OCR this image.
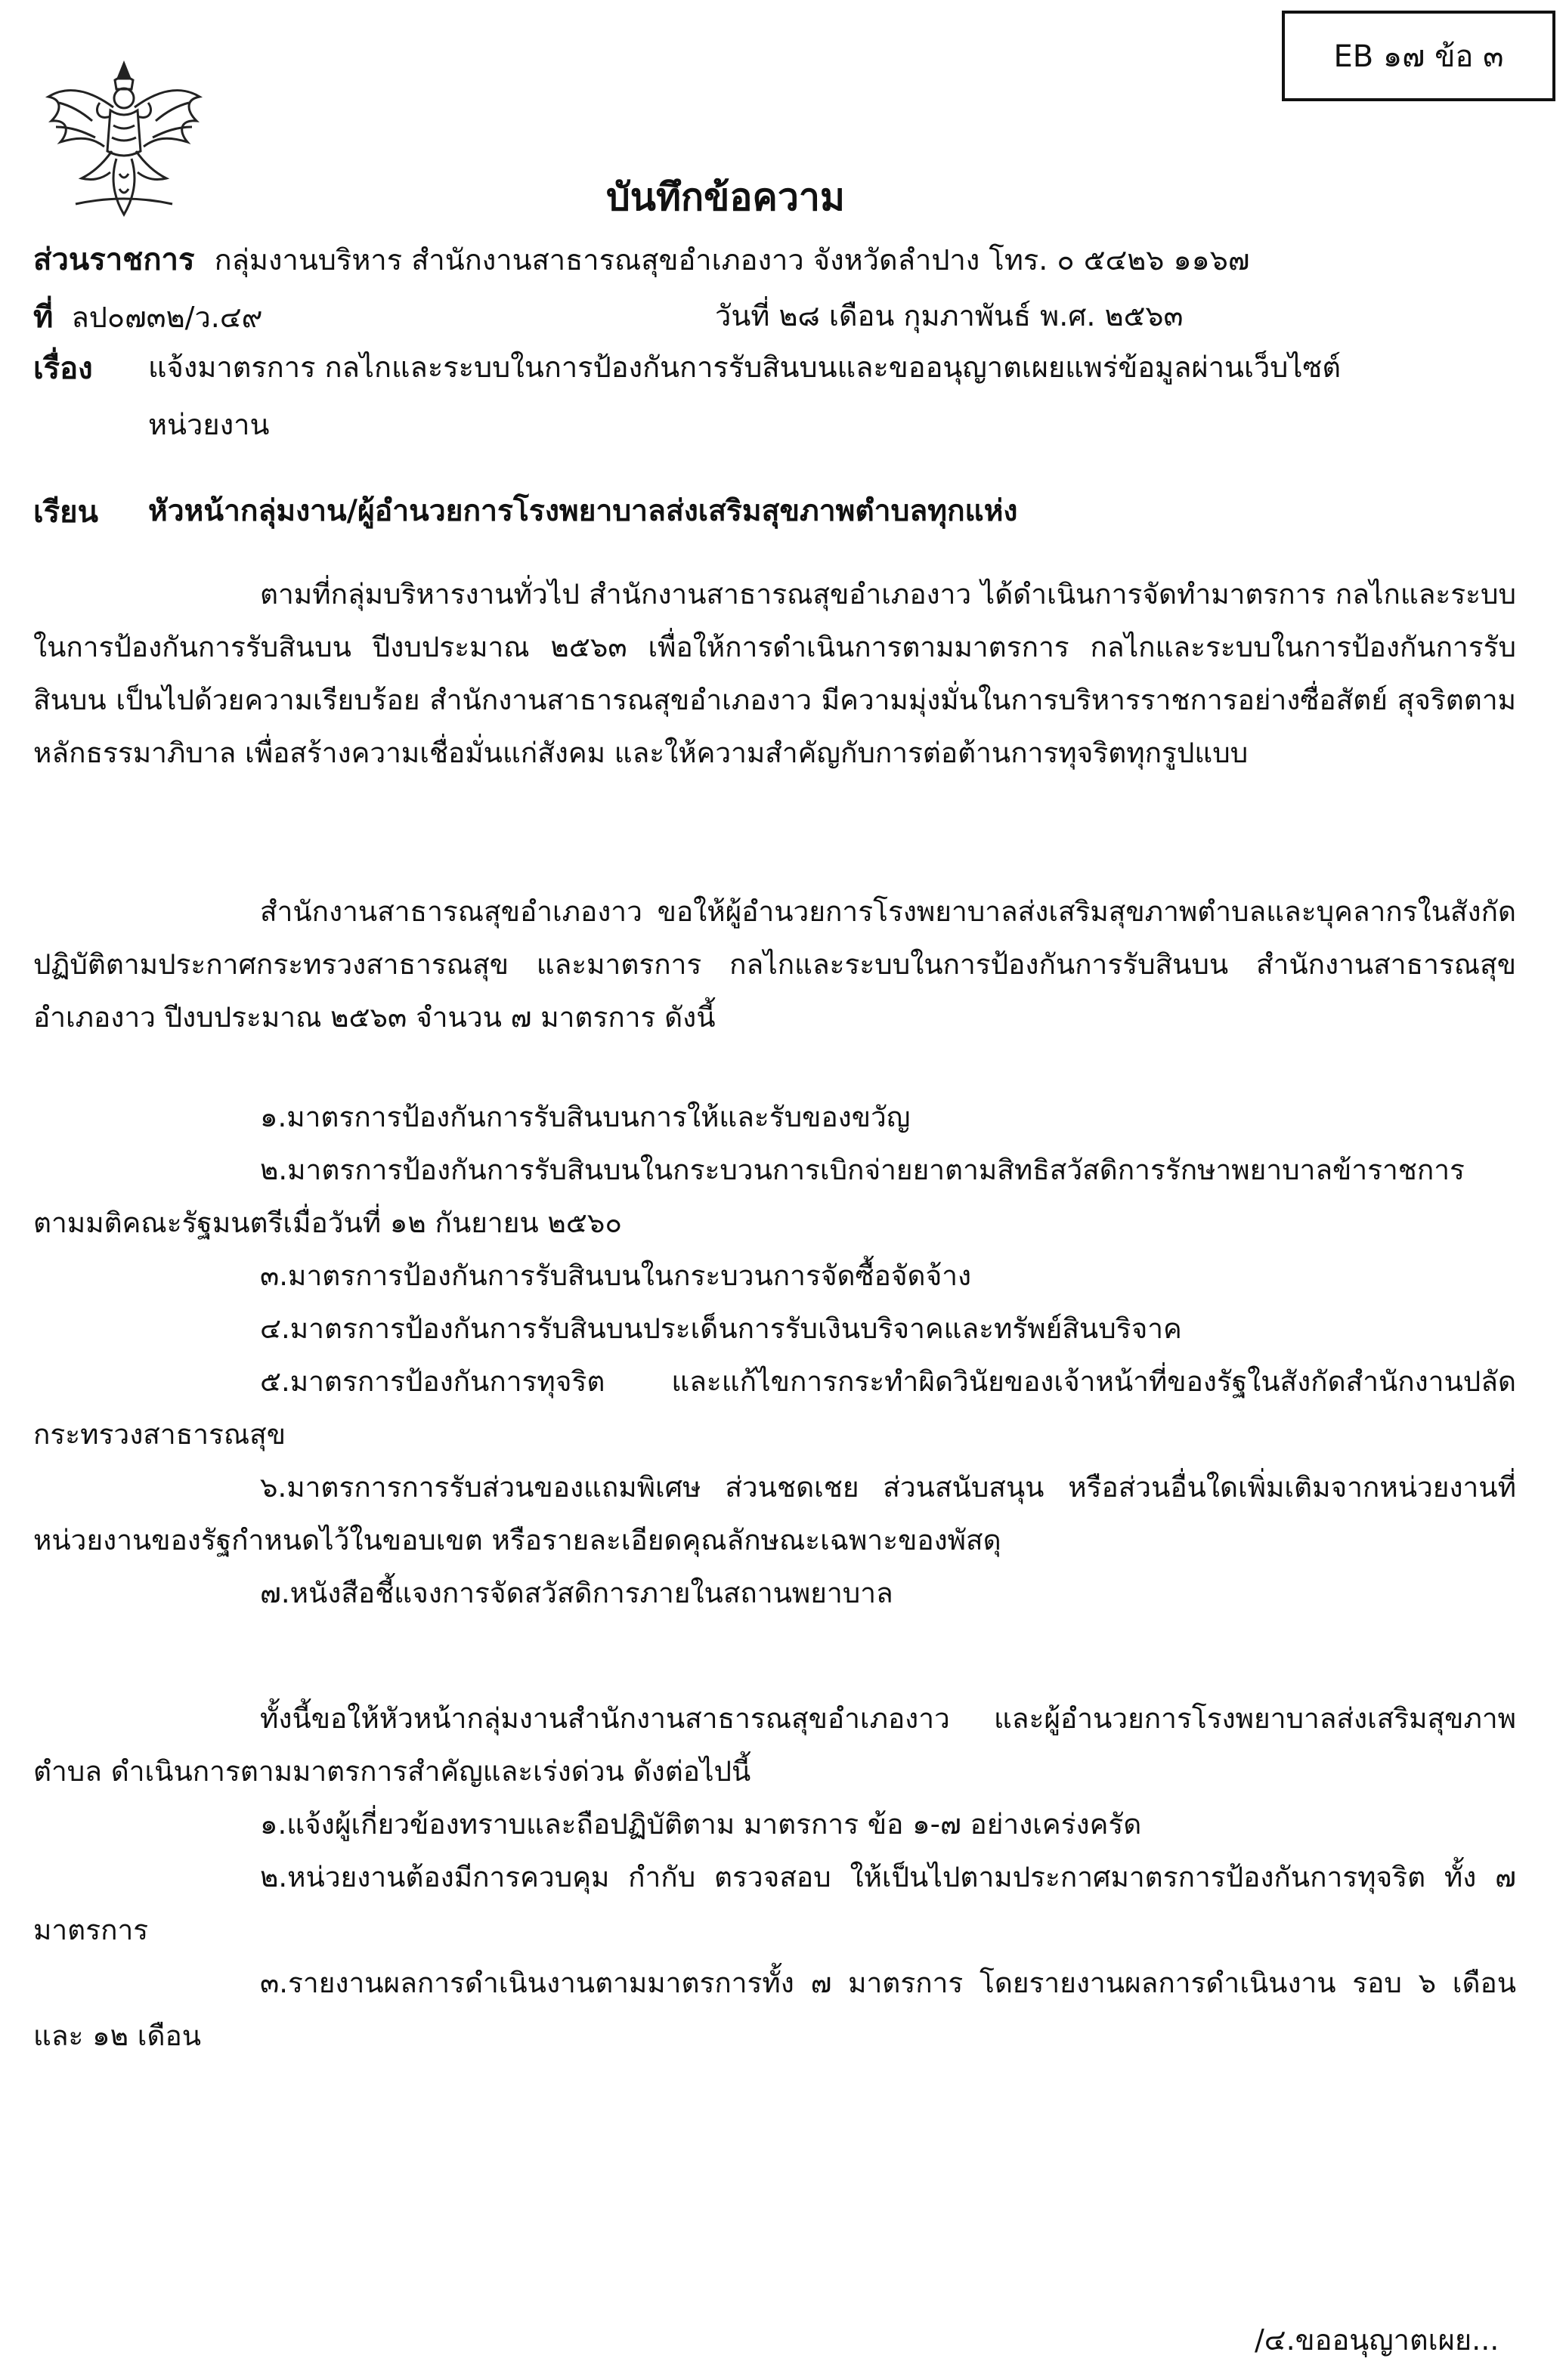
EB ๑๗ ข้อ ๓
บันทึกข้อความ
ส่วนราชการ กลุ่มงานบริหาร สำนักงานสาธารณสุขอำเภองาว จังหวัดลำปาง โทร. ๐ ๕๔๒๖ ๑๑๖๗
ที่ ลป๐๗๓๒/ว.๔๙	วันที่ ๒๘ เดือน กุมภาพันธ์ พ.ศ. ๒๕๖๓
เรื่อง แจ้งมาตรการ กลไกและระบบในการป้องกันการรับสินบนและขออนุญาตเผยแพร่ข้อมูลผ่านเว็บไซต์
หน่วยงาน
เรียน หัวหน้ากลุ่มงาน/ผู้อำนวยการโรงพยาบาลส่งเสริมสุขภาพตำบลทุกแห่ง

ตามที่กลุ่มบริหารงานทั่วไป สำนักงานสาธารณสุขอำเภองาว ได้ดำเนินการจัดทำมาตรการ กลไกและระบบในการป้องกันการรับสินบน ปีงบประมาณ ๒๕๖๓ เพื่อให้การดำเนินการตามมาตรการ กลไกและระบบในการป้องกันการรับสินบน เป็นไปด้วยความเรียบร้อย สำนักงานสาธารณสุขอำเภองาว มีความมุ่งมั่นในการบริหารราชการอย่างซื่อสัตย์ สุจริตตามหลักธรรมาภิบาล เพื่อสร้างความเชื่อมั่นแก่สังคม และให้ความสำคัญกับการต่อต้านการทุจริตทุกรูปแบบ

สำนักงานสาธารณสุขอำเภองาว ขอให้ผู้อำนวยการโรงพยาบาลส่งเสริมสุขภาพตำบลและบุคลากรในสังกัด ปฏิบัติตามประกาศกระทรวงสาธารณสุข และมาตรการ กลไกและระบบในการป้องกันการรับสินบน สำนักงานสาธารณสุขอำเภองาว ปีงบประมาณ ๒๕๖๓ จำนวน ๗ มาตรการ ดังนี้

๑.มาตรการป้องกันการรับสินบนการให้และรับของขวัญ

๒.มาตรการป้องกันการรับสินบนในกระบวนการเบิกจ่ายยาตามสิทธิสวัสดิการรักษาพยาบาลข้าราชการ ตามมติคณะรัฐมนตรีเมื่อวันที่ ๑๒ กันยายน ๒๕๖๐

๓.มาตรการป้องกันการรับสินบนในกระบวนการจัดซื้อจัดจ้าง

๔.มาตรการป้องกันการรับสินบนประเด็นการรับเงินบริจาคและทรัพย์สินบริจาค

๕.มาตรการป้องกันการทุจริต และแก้ไขการกระทำผิดวินัยของเจ้าหน้าที่ของรัฐในสังกัดสำนักงานปลัดกระทรวงสาธารณสุข

๖.มาตรการการรับส่วนของแถมพิเศษ ส่วนชดเชย ส่วนสนับสนุน หรือส่วนอื่นใดเพิ่มเติมจากหน่วยงานที่หน่วยงานของรัฐกำหนดไว้ในขอบเขต หรือรายละเอียดคุณลักษณะเฉพาะของพัสดุ

๗.หนังสือชี้แจงการจัดสวัสดิการภายในสถานพยาบาล

ทั้งนี้ขอให้หัวหน้ากลุ่มงานสำนักงานสาธารณสุขอำเภองาว และผู้อำนวยการโรงพยาบาลส่งเสริมสุขภาพตำบล ดำเนินการตามมาตรการสำคัญและเร่งด่วน ดังต่อไปนี้

๑.แจ้งผู้เกี่ยวข้องทราบและถือปฏิบัติตาม มาตรการ ข้อ ๑-๗ อย่างเคร่งครัด

๒.หน่วยงานต้องมีการควบคุม กำกับ ตรวจสอบ ให้เป็นไปตามประกาศมาตรการป้องกันการทุจริต ทั้ง ๗ มาตรการ

๓.รายงานผลการดำเนินงานตามมาตรการทั้ง ๗ มาตรการ โดยรายงานผลการดำเนินงาน รอบ ๖ เดือน และ ๑๒ เดือน

/๔.ขออนุญาตเผย...
